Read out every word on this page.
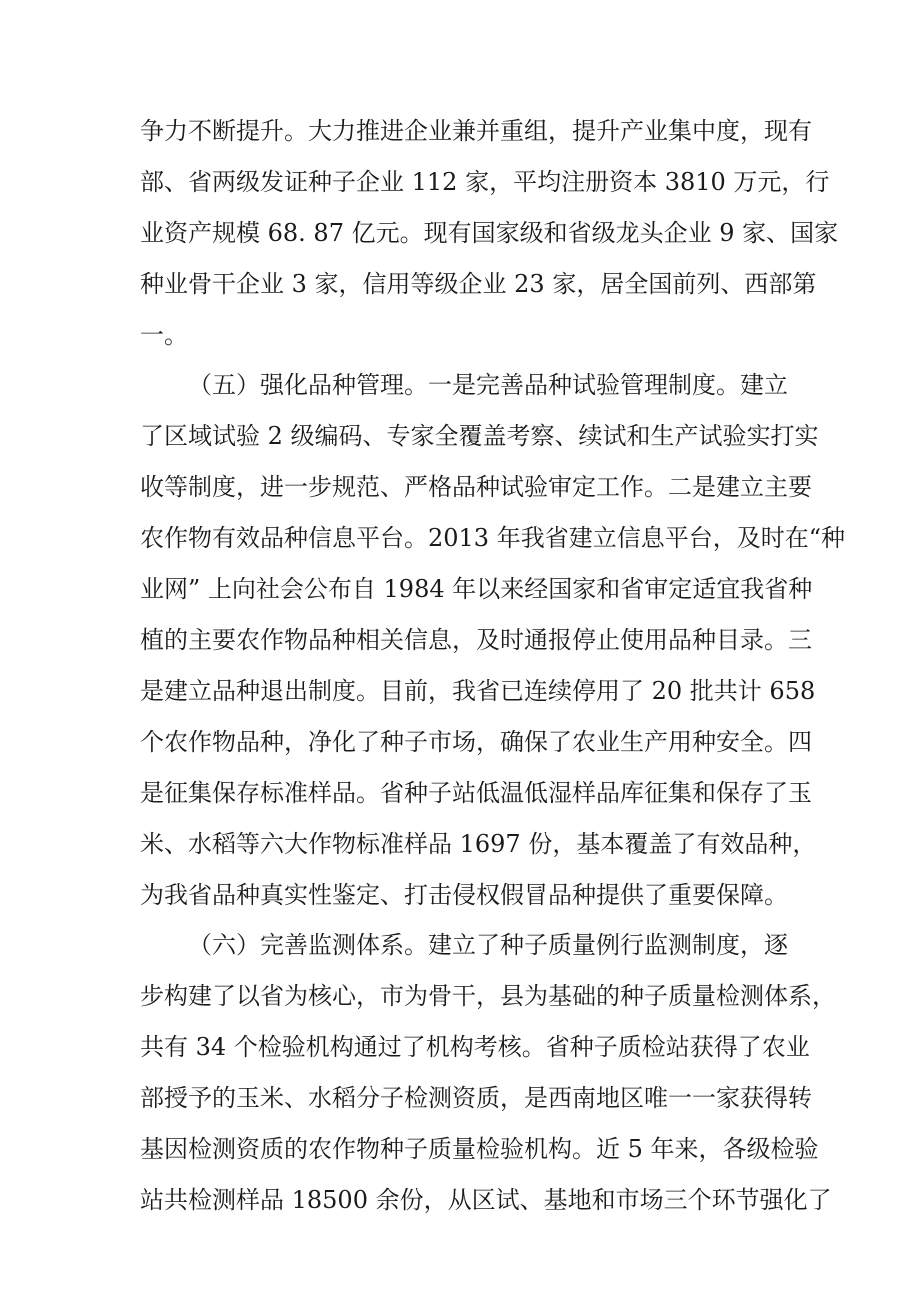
争力不断提升。大力推进企业兼并重组，提升产业集中度，现有
部、省两级发证种子企业 112 家，平均注册资本 3810 万元，行
业资产规模 68. 87 亿元。现有国家级和省级龙头企业 9 家、国家
种业骨干企业 3 家，信用等级企业 23 家，居全国前列、西部第
一。
（五）强化品种管理。一是完善品种试验管理制度。建立
了区域试验 2 级编码、专家全覆盖考察、续试和生产试验实打实
收等制度，进一步规范、严格品种试验审定工作。二是建立主要
农作物有效品种信息平台。2013 年我省建立信息平台，及时在“种
业网” 上向社会公布自 1984 年以来经国家和省审定适宜我省种
植的主要农作物品种相关信息，及时通报停止使用品种目录。三
是建立品种退出制度。目前，我省已连续停用了 20 批共计 658
个农作物品种，净化了种子市场，确保了农业生产用种安全。四
是征集保存标准样品。省种子站低温低湿样品库征集和保存了玉
米、水稻等六大作物标准样品 1697 份，基本覆盖了有效品种，
为我省品种真实性鉴定、打击侵权假冒品种提供了重要保障。
（六）完善监测体系。建立了种子质量例行监测制度，逐
步构建了以省为核心，市为骨干，县为基础的种子质量检测体系，
共有 34 个检验机构通过了机构考核。省种子质检站获得了农业
部授予的玉米、水稻分子检测资质，是西南地区唯一一家获得转
基因检测资质的农作物种子质量检验机构。近 5 年来，各级检验
站共检测样品 18500 余份，从区试、基地和市场三个环节强化了
